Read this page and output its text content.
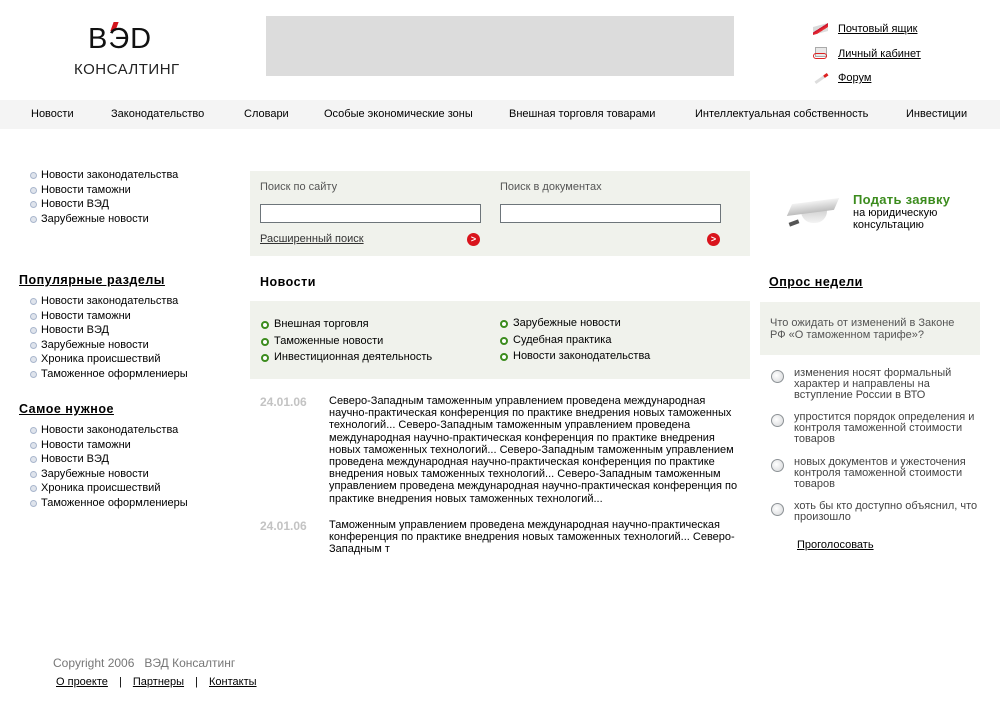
ВЭD
КОНСАЛТИНГ
Почтовый ящик
Личный кабинет
Форум
Новости	Законодательство	Словари	Особые экономические зоны	Внешная торговля товарами	Интеллектуальная собственность	Инвестиции
Новости законодательства
Новости таможни
Новости ВЭД
Зарубежные новости
Популярные разделы
Новости законодательства
Новости таможни
Новости ВЭД
Зарубежные новости
Хроника происшествий
Таможенное оформлениеры
Самое нужное
Новости законодательства
Новости таможни
Новости ВЭД
Зарубежные новости
Хроника происшествий
Таможенное оформлениеры
Поиск по сайту
Расширенный поиск	>
Поиск в документах
>
Подать заявку
на юридическую консультацию
Новости
Внешная торговля
Таможенные новости
Инвестиционная деятельность
Зарубежные новости
Судебная практика
Новости законодательства
24.01.06 Северо-Западным таможенным управлением проведена международная научно-практическая конференция по практике внедрения новых таможенных технологий... Северо-Западным таможенным управлением проведена международная научно-практическая конференция по практике внедрения новых таможенных технологий... Северо-Западным таможенным управлением проведена международная научно-практическая конференция по практике внедрения новых таможенных технологий... Северо-Западным таможенным управлением проведена международная научно-практическая конференция по практике внедрения новых таможенных технологий...
24.01.06 Таможенным управлением проведена международная научно-практическая конференция по практике внедрения новых таможенных технологий... Северо-Западным т
Опрос недели
Что ожидать от изменений в Законе РФ «О таможенном тарифе»?
изменения носят формальный характер и направлены на вступление России в ВТО
упростится порядок определения и контроля таможенной стоимости товаров
новых документов и ужесточения контроля таможенной стоимости товаров
хоть бы кто доступно объяснил, что произошло
Проголосовать
Copyright 2006   ВЭД Консалтинг
О проекте | Партнеры | Контакты
